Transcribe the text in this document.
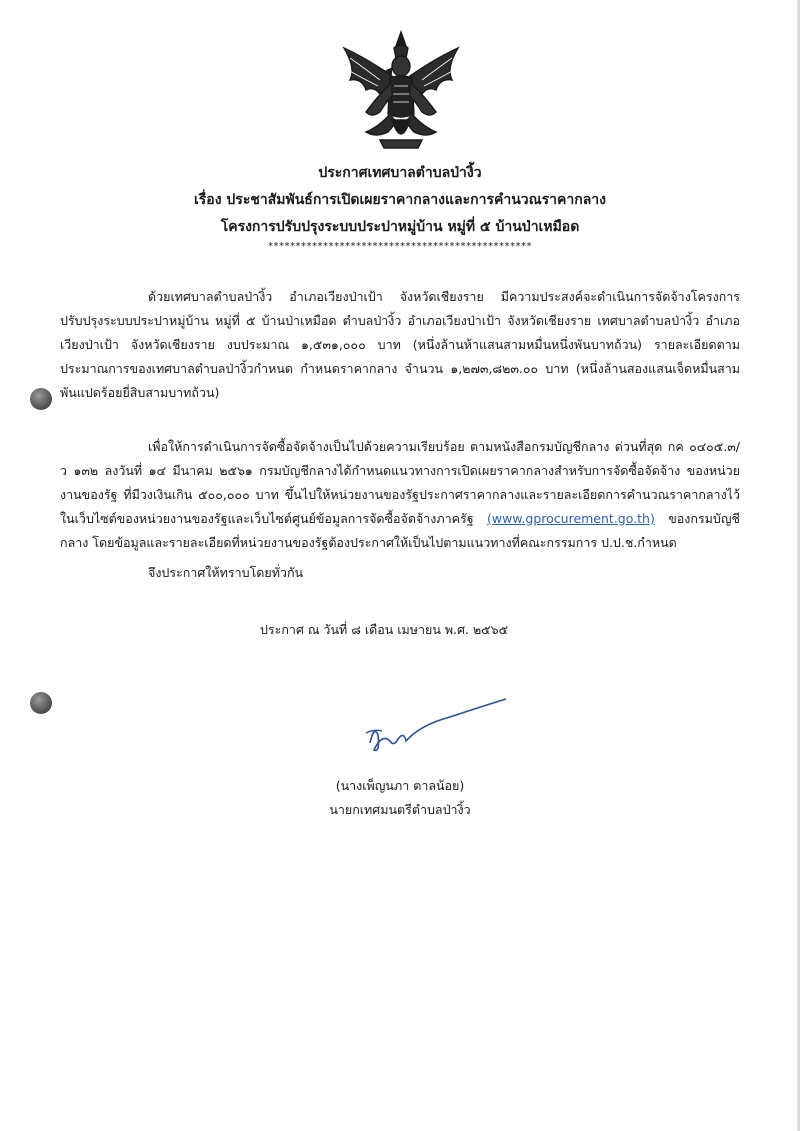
ประกาศเทศบาลตำบลป่างิ้ว
เรื่อง ประชาสัมพันธ์การเปิดเผยราคากลางและการคำนวณราคากลาง
โครงการปรับปรุงระบบประปาหมู่บ้าน หมู่ที่ ๕ บ้านป่าเหมือด
************************************************

ด้วยเทศบาลตำบลป่างิ้ว อำเภอเวียงป่าเป้า จังหวัดเชียงราย มีความประสงค์จะดำเนินการจัดจ้างโครงการปรับปรุงระบบประปาหมู่บ้าน หมู่ที่ ๕ บ้านป่าเหมือด ตำบลป่างิ้ว อำเภอเวียงป่าเป้า จังหวัดเชียงราย เทศบาลตำบลป่างิ้ว อำเภอเวียงป่าเป้า จังหวัดเชียงราย งบประมาณ ๑,๕๓๑,๐๐๐ บาท (หนึ่งล้านห้าแสนสามหมื่นหนึ่งพันบาทถ้วน) รายละเอียดตามประมาณการของเทศบาลตำบลป่างิ้วกำหนด กำหนดราคากลาง จำนวน ๑,๒๗๓,๘๒๓.๐๐ บาท (หนึ่งล้านสองแสนเจ็ดหมื่นสามพันแปดร้อยยี่สิบสามบาทถ้วน)

เพื่อให้การดำเนินการจัดซื้อจัดจ้างเป็นไปด้วยความเรียบร้อย ตามหนังสือกรมบัญชีกลาง ด่วนที่สุด กค ๐๔๐๕.๓/ว ๑๓๒ ลงวันที่ ๑๔ มีนาคม ๒๕๖๑ กรมบัญชีกลางได้กำหนดแนวทางการเปิดเผยราคากลางสำหรับการจัดซื้อจัดจ้าง ของหน่วยงานของรัฐ ที่มีวงเงินเกิน ๕๐๐,๐๐๐ บาท ขึ้นไปให้หน่วยงานของรัฐประกาศราคากลางและรายละเอียดการคำนวณราคากลางไว้ในเว็บไซต์ของหน่วยงานของรัฐและเว็บไซต์ศูนย์ข้อมูลการจัดซื้อจัดจ้างภาครัฐ (www.gprocurement.go.th) ของกรมบัญชีกลาง โดยข้อมูลและรายละเอียดที่หน่วยงานของรัฐต้องประกาศให้เป็นไปตามแนวทางที่คณะกรรมการ ป.ป.ช.กำหนด

จึงประกาศให้ทราบโดยทั่วกัน

ประกาศ ณ วันที่ ๘ เดือน เมษายน พ.ศ. ๒๕๖๕
(นางเพ็ญนภา ตาลน้อย)
นายกเทศมนตรีตำบลป่างิ้ว
